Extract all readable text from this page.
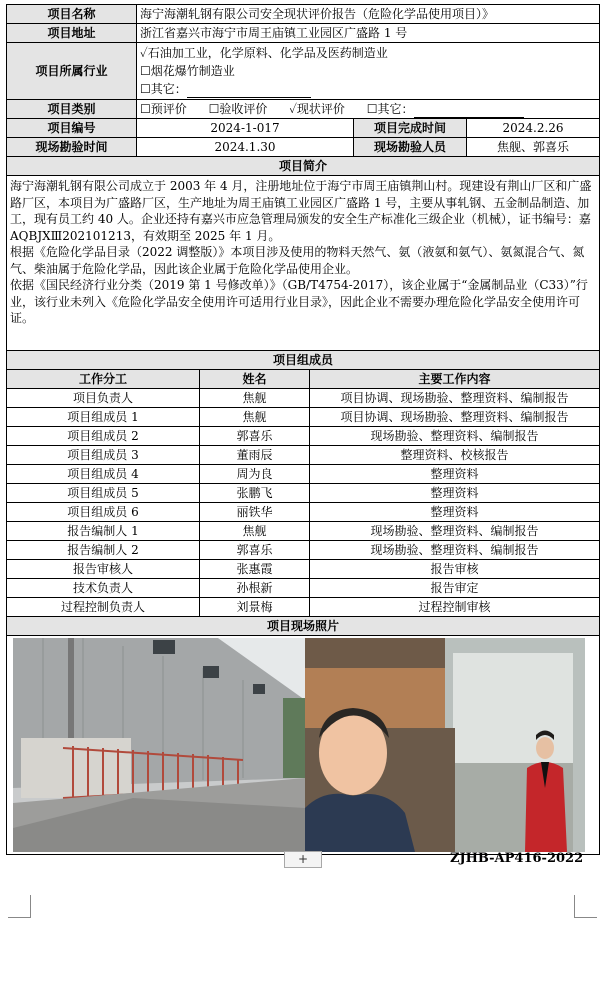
项目名称	海宁海潮轧钢有限公司安全现状评价报告（危险化学品使用项目）》		
项目地址	浙江省嘉兴市海宁市周王庙镇工业园区广盛路 1 号		
项目所属行业	✓石油加工业，化学原料、化学品及医药制造业
☐烟花爆竹制造业
☐其它：		

项目类别	☐预评价 ☐验收评价 ✓现状评价 ☐其它：		
项目编号	2024-1-017	项目完成时间	2024.2.26
现场勘验时间	2024.1.30	现场勘验人员	焦舰、郭喜乐
项目简介			

海宁海潮轧钢有限公司成立于 2003 年 4 月，注册地址位于海宁市周王庙镇荆山村。现建设有荆山厂区和广盛路厂区，本项目为广盛路厂区，生产地址为周王庙镇工业园区广盛路 1 号，主要从事轧钢、五金制品制造、加工，现有员工约 40 人。企业还持有嘉兴市应急管理局颁发的安全生产标准化三级企业（机械），证书编号：嘉 AQBJXⅢ202101213，有效期至 2025 年 1 月。

根据《危险化学品目录（2022 调整版）》本项目涉及使用的物料天然气、氨（液氨和氨气）、氨氮混合气、氮气、柴油属于危险化学品，因此该企业属于危险化学品使用企业。

依据《国民经济行业分类（2019 第 1 号修改单）》（GB/T4754-2017），该企业属于“金属制品业（C33）”行业，该行业未列入《危险化学品安全使用许可适用行业目录》，因此企业不需要办理危险化学品安全使用许可证。			

项目组成员		
工作分工	姓名	主要工作内容
项目负责人	焦舰	项目协调、现场勘验、整理资料、编制报告
项目组成员 1	焦舰	项目协调、现场勘验、整理资料、编制报告
项目组成员 2	郭喜乐	现场勘验、整理资料、编制报告
项目组成员 3	董雨辰	整理资料、校核报告
项目组成员 4	周为良	整理资料
项目组成员 5	张鹏飞	整理资料
项目组成员 6	丽铁华	整理资料
报告编制人 1	焦舰	现场勘验、整理资料、编制报告
报告编制人 2	郭喜乐	现场勘验、整理资料、编制报告
报告审核人	张惠霞	报告审核
技术负责人	孙根新	报告审定
过程控制负责人	刘景梅	过程控制审核
项目现场照片		

+	ZJHB-AP416-2022
